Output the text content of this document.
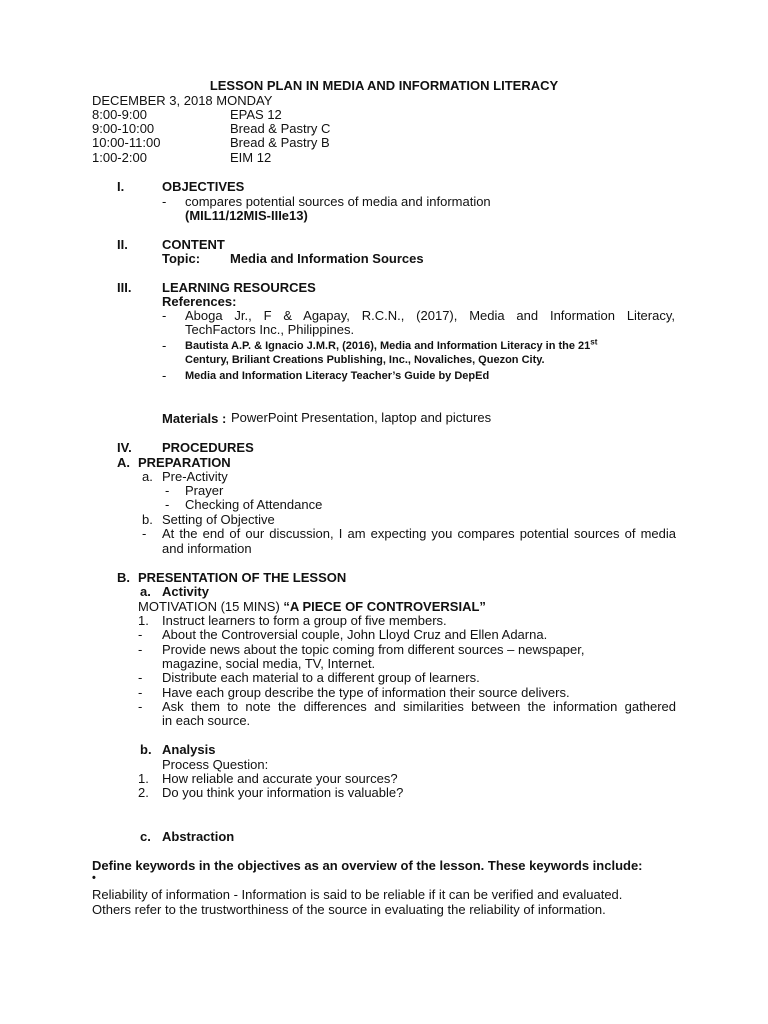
LESSON PLAN IN MEDIA AND INFORMATION LITERACY
DECEMBER 3, 2018 MONDAY
8:00-9:00	EPAS 12
9:00-10:00	Bread & Pastry C
10:00-11:00	Bread & Pastry B
1:00-2:00	EIM 12
I.	OBJECTIVES
- compares potential sources of media and information
(MIL11/12MIS-IIIe13)
II.	CONTENT
Topic: Media and Information Sources
III. LEARNING RESOURCES
References:
- Aboga Jr., F & Agapay, R.C.N., (2017), Media and Information Literacy,
TechFactors Inc., Philippines.
- Bautista A.P. & Ignacio J.M.R, (2016), Media and Information Literacy in the 21st
Century, Briliant Creations Publishing, Inc., Novaliches, Quezon City.
- Media and Information Literacy Teacher’s Guide by DepEd
Materials : PowerPoint Presentation, laptop and pictures
IV. PROCEDURES
A. PREPARATION
a. Pre-Activity
- Prayer
- Checking of Attendance
b. Setting of Objective
- At the end of our discussion, I am expecting you compares potential sources of media
and information
B. PRESENTATION OF THE LESSON
a. Activity
MOTIVATION (15 MINS) “A PIECE OF CONTROVERSIAL”
1. Instruct learners to form a group of five members.
- About the Controversial couple, John Lloyd Cruz and Ellen Adarna.
- Provide news about the topic coming from different sources – newspaper,
magazine, social media, TV, Internet.
- Distribute each material to a different group of learners.
- Have each group describe the type of information their source delivers.
- Ask them to note the differences and similarities between the information gathered
in each source.
b. Analysis
Process Question:
1. How reliable and accurate your sources?
2. Do you think your information is valuable?
c. Abstraction
Define keywords in the objectives as an overview of the lesson. These keywords include:
•
Reliability of information - Information is said to be reliable if it can be verified and evaluated.
Others refer to the trustworthiness of the source in evaluating the reliability of information.
